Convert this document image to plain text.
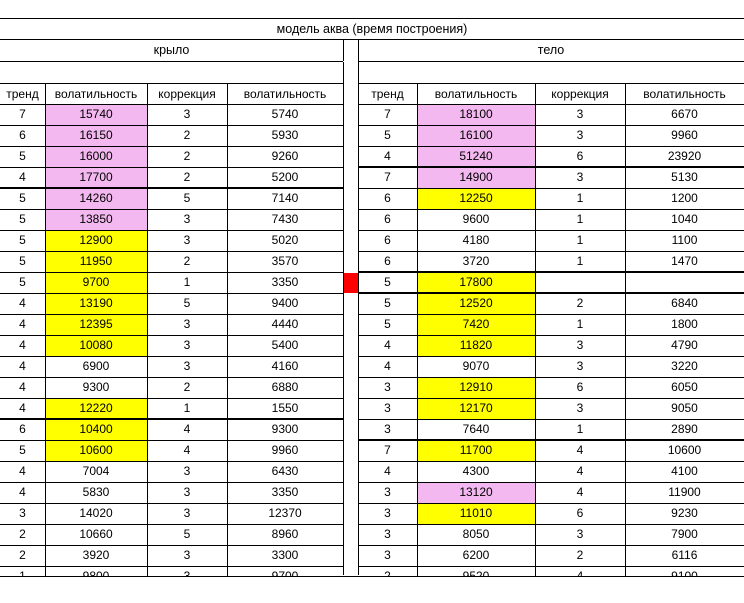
модель аква (время построения)
крыло	тело
тренд	волатильность	коррекция	волатильность
7	15740	3	5740
6	16150	2	5930
5	16000	2	9260
4	17700	2	5200
5	14260	5	7140
5	13850	3	7430
5	12900	3	5020
5	11950	2	3570
5	9700	1	3350
4	13190	5	9400
4	12395	3	4440
4	10080	3	5400
4	6900	3	4160
4	9300	2	6880
4	12220	1	1550
6	10400	4	9300
5	10600	4	9960
4	7004	3	6430
4	5830	3	3350
3	14020	3	12370
2	10660	5	8960
2	3920	3	3300
тренд	волатильность	коррекция	волатильность
7	18100	3	6670
5	16100	3	9960
4	51240	6	23920
7	14900	3	5130
6	12250	1	1200
6	9600	1	1040
6	4180	1	1100
6	3720	1	1470
5	17800
5	12520	2	6840
5	7420	1	1800
4	11820	3	4790
4	9070	3	3220
3	12910	6	6050
3	12170	3	9050
3	7640	1	2890
7	11700	4	10600
4	4300	4	4100
3	13120	4	11900
3	11010	6	9230
3	8050	3	7900
3	6200	2	6116
